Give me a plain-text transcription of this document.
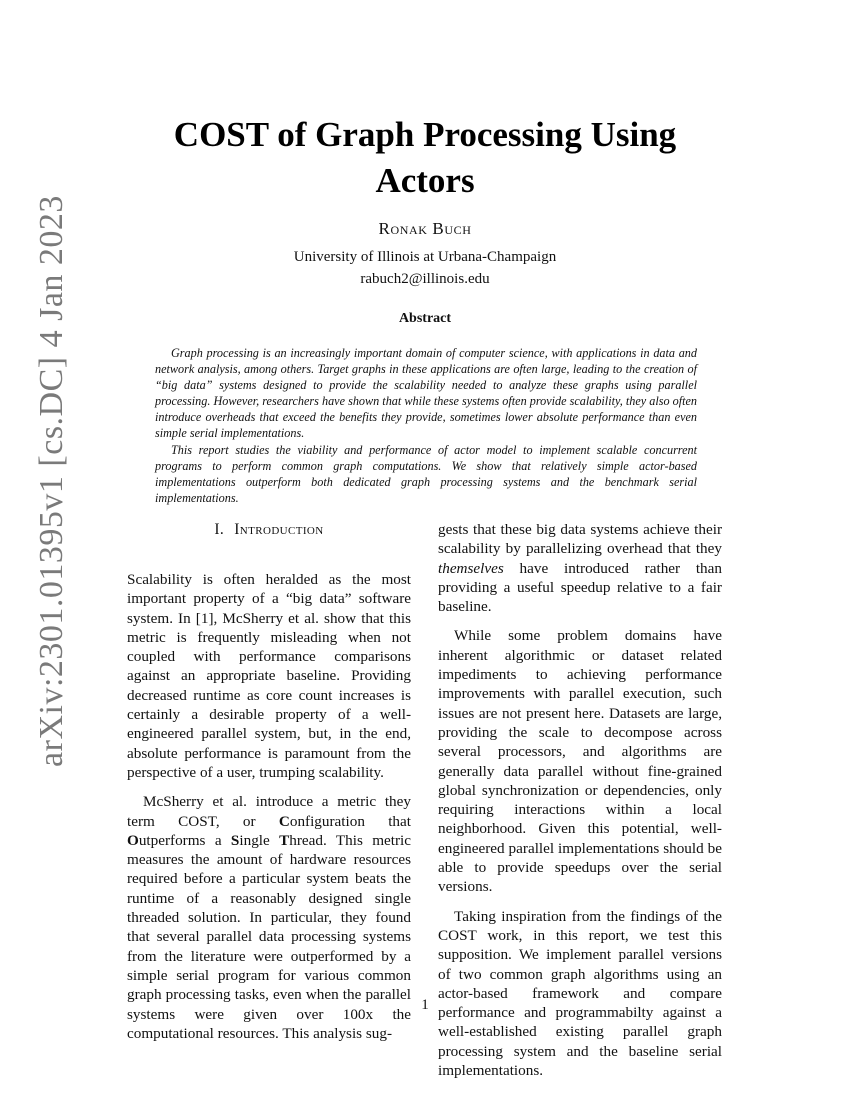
arXiv:2301.01395v1 [cs.DC] 4 Jan 2023
COST of Graph Processing Using Actors
Ronak Buch
University of Illinois at Urbana-Champaign
rabuch2@illinois.edu
Abstract

Graph processing is an increasingly important domain of computer science, with applications in data and network analysis, among others. Target graphs in these applications are often large, leading to the creation of “big data” systems designed to provide the scalability needed to analyze these graphs using parallel processing. However, researchers have shown that while these systems often provide scalability, they also often introduce overheads that exceed the benefits they provide, sometimes lower absolute performance than even simple serial implementations.

This report studies the viability and performance of actor model to implement scalable concurrent programs to perform common graph computations. We show that relatively simple actor-based implementations outperform both dedicated graph processing systems and the benchmark serial implementations.

I. Introduction

Scalability is often heralded as the most important property of a “big data” software system. In [1], McSherry et al. show that this metric is frequently misleading when not coupled with performance comparisons against an appropriate baseline. Providing decreased runtime as core count increases is certainly a desirable property of a well-engineered parallel system, but, in the end, absolute performance is paramount from the perspective of a user, trumping scalability.

McSherry et al. introduce a metric they term COST, or Configuration that Outperforms a Single Thread. This metric measures the amount of hardware resources required before a particular system beats the runtime of a reasonably designed single threaded solution. In particular, they found that several parallel data processing systems from the literature were outperformed by a simple serial program for various common graph processing tasks, even when the parallel systems were given over 100x the computational resources. This analysis sug-

gests that these big data systems achieve their scalability by parallelizing overhead that they themselves have introduced rather than providing a useful speedup relative to a fair baseline.

While some problem domains have inherent algorithmic or dataset related impediments to achieving performance improvements with parallel execution, such issues are not present here. Datasets are large, providing the scale to decompose across several processors, and algorithms are generally data parallel without fine-grained global synchronization or dependencies, only requiring interactions within a local neighborhood. Given this potential, well-engineered parallel implementations should be able to provide speedups over the serial versions.

Taking inspiration from the findings of the COST work, in this report, we test this supposition. We implement parallel versions of two common graph algorithms using an actor-based framework and compare performance and programmabilty against a well-established existing parallel graph processing system and the baseline serial implementations.

1
